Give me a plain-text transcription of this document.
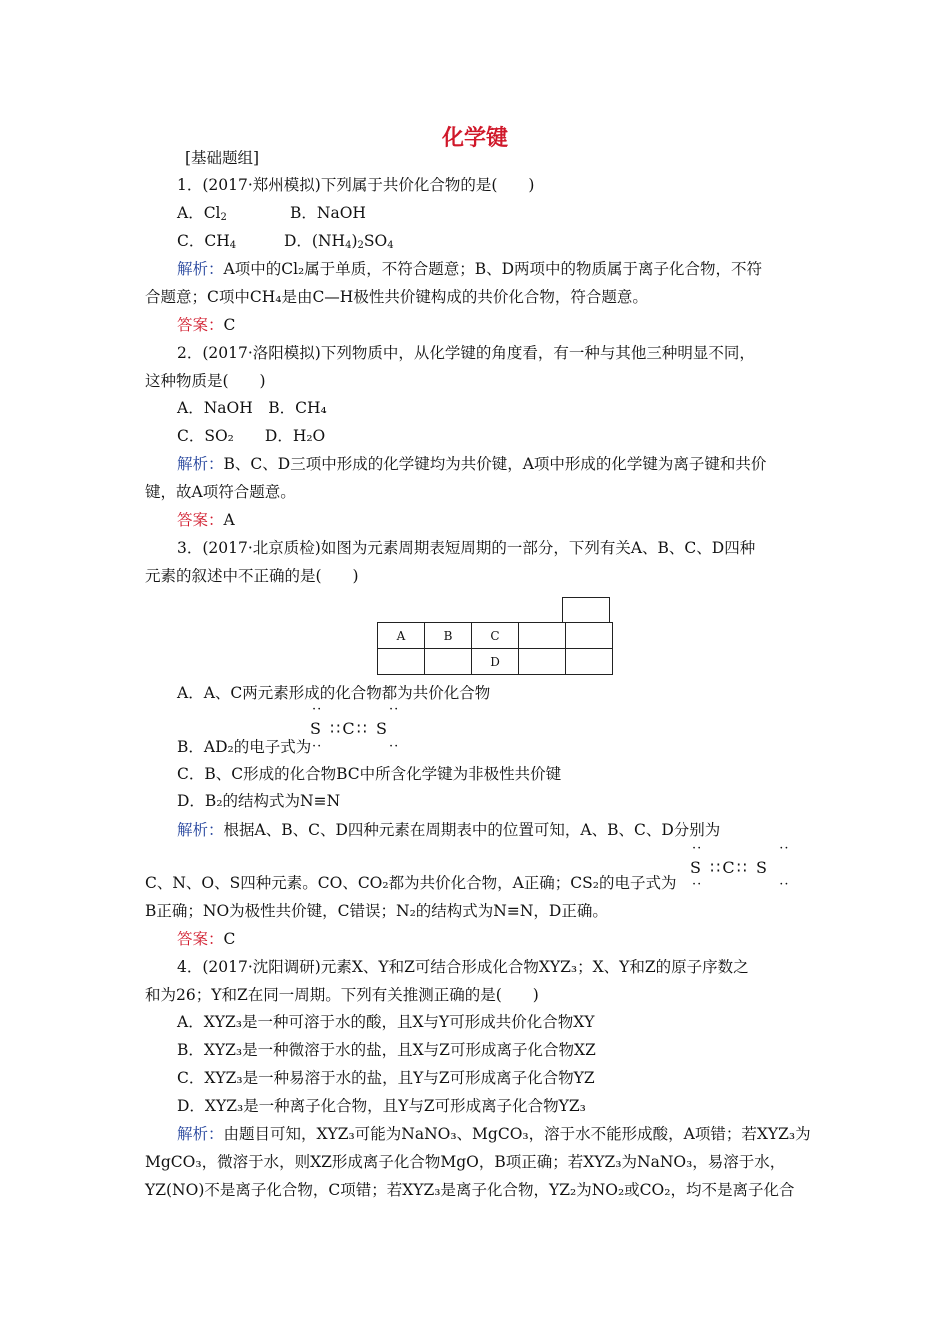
化学键
[基础题组]
1．(2017·郑州模拟)下列属于共价化合物的是(　　)
A．$Cl_2$	B．NaOH
C．$CH_4$	D．$(NH_4)_2SO_4$
解析：A项中的Cl₂属于单质，不符合题意；B、D两项中的物质属于离子化合物，不符
合题意；C项中CH₄是由C—H极性共价键构成的共价化合物，符合题意。
答案：C
2．(2017·洛阳模拟)下列物质中，从化学键的角度看，有一种与其他三种明显不同，
这种物质是(　　)
A．NaOH　B．CH₄
C．SO₂　　D．H₂O
解析：B、C、D三项中形成的化学键均为共价键，A项中形成的化学键为离子键和共价
键，故A项符合题意。
答案：A
3．(2017·北京质检)如图为元素周期表短周期的一部分，下列有关A、B、C、D四种
元素的叙述中不正确的是(　　)
A	B	C		
		D		
A．A、C两元素形成的化合物都为共价化合物
··             ··
S ∶∶C∶∶ S
B．AD₂的电子式为 ··             ··
C．B、C形成的化合物BC中所含化学键为非极性共价键
D．B₂的结构式为N≡N
解析：根据A、B、C、D四种元素在周期表中的位置可知，A、B、C、D分别为
··               ··
S ∶∶C∶∶ S
C、N、O、S四种元素。CO、CO₂都为共价化合物，A正确；CS₂的电子式为 ··               ··
B正确；NO为极性共价键，C错误；N₂的结构式为N≡N，D正确。
答案：C
4．(2017·沈阳调研)元素X、Y和Z可结合形成化合物XYZ₃；X、Y和Z的原子序数之
和为26；Y和Z在同一周期。下列有关推测正确的是(　　)
A．XYZ₃是一种可溶于水的酸，且X与Y可形成共价化合物XY
B．XYZ₃是一种微溶于水的盐，且X与Z可形成离子化合物XZ
C．XYZ₃是一种易溶于水的盐，且Y与Z可形成离子化合物YZ
D．XYZ₃是一种离子化合物，且Y与Z可形成离子化合物YZ₃
解析：由题目可知，XYZ₃可能为NaNO₃、MgCO₃，溶于水不能形成酸，A项错；若XYZ₃为
MgCO₃，微溶于水，则XZ形成离子化合物MgO，B项正确；若XYZ₃为NaNO₃，易溶于水，
YZ(NO)不是离子化合物，C项错；若XYZ₃是离子化合物，YZ₂为NO₂或CO₂，均不是离子化合
